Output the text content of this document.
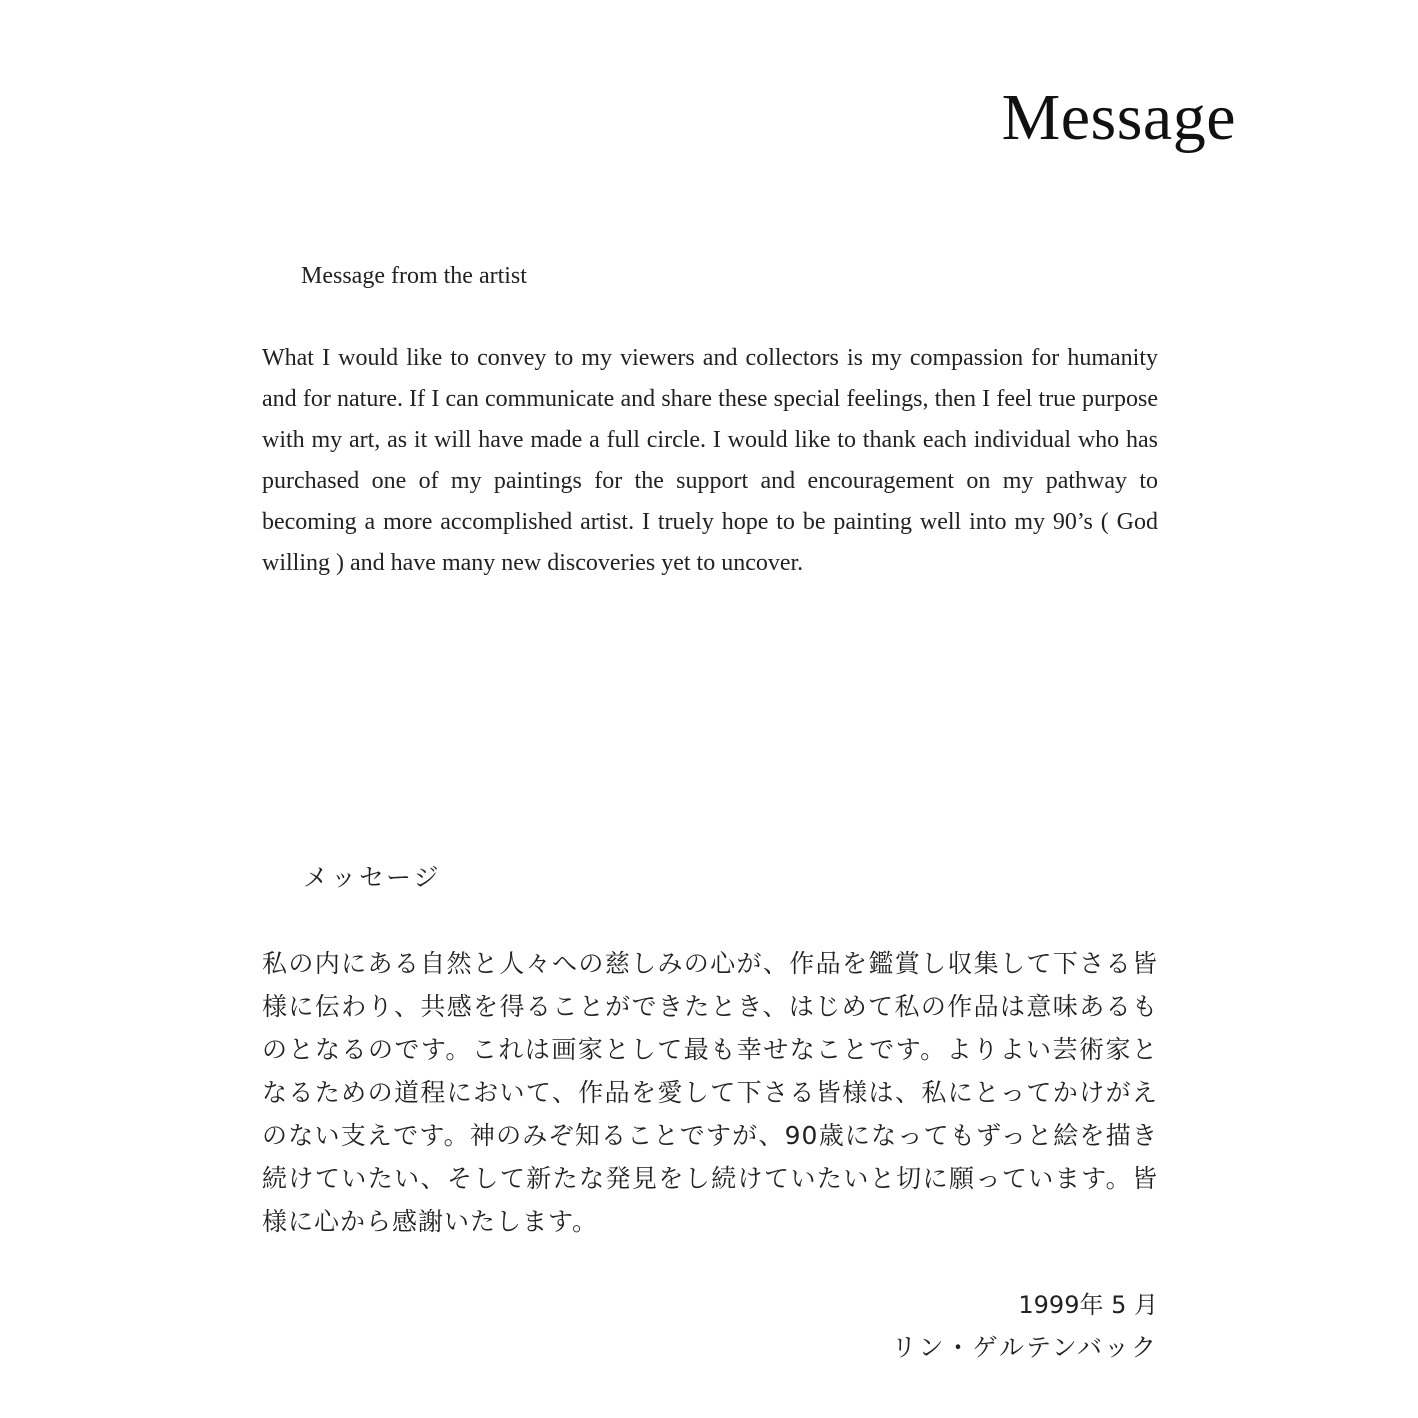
Message
Message from the artist

What I would like to convey to my viewers and collectors is my compassion for humanity and for nature. If I can communicate and share these special feelings, then I feel true purpose with my art, as it will have made a full circle. I would like to thank each individual who has purchased one of my paintings for the support and encouragement on my pathway to becoming a more accomplished artist. I truely hope to be painting well into my 90’s ( God willing ) and have many new discoveries yet to uncover.

メッセージ

私の内にある自然と人々への慈しみの心が、作品を鑑賞し収集して下さる皆様に伝わり、共感を得ることができたとき、はじめて私の作品は意味あるものとなるのです。これは画家として最も幸せなことです。よりよい芸術家となるための道程において、作品を愛して下さる皆様は、私にとってかけがえのない支えです。神のみぞ知ることですが、90歳になってもずっと絵を描き続けていたい、そして新たな発見をし続けていたいと切に願っています。皆様に心から感謝いたします。

1999年 5 月
リン・ゲルテンバック
